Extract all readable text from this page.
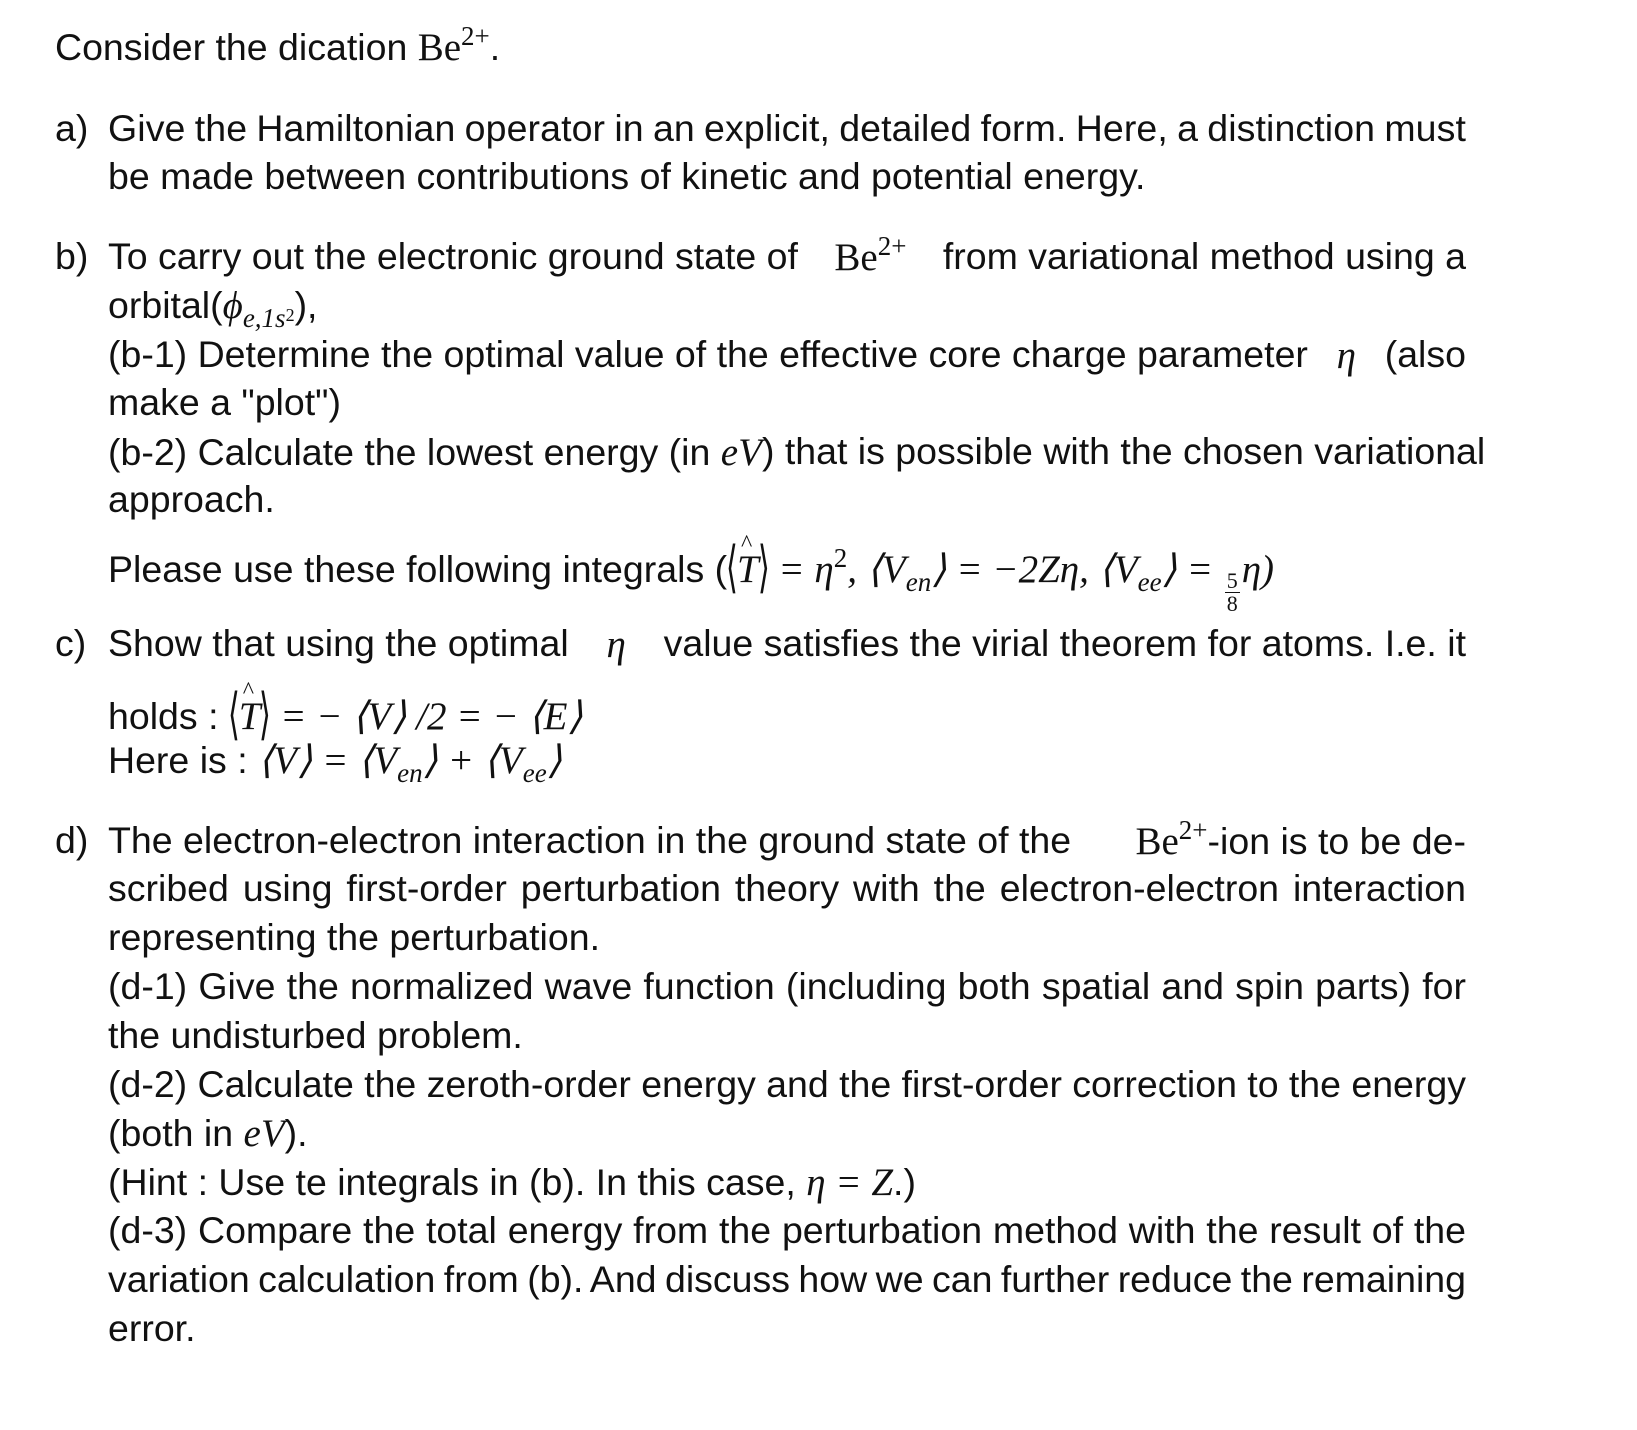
Consider the dication $Be^{2+}$.
a) Give the Hamiltonian operator in an explicit, detailed form. Here, a distinction must
be made between contributions of kinetic and potential energy.
b) To carry out the electronic ground state of $Be^{2+}$ from variational method using a
$orbital(\phi_{e,1s^2})$,
(b-1) Determine the optimal value of the effective core charge parameter η (also
make a "plot")
(b-2) Calculate the lowest energy (in eV ) that is possible with the chosen variational
approach.
Please use these following integrals (⟨^ T⟩ = $\eta^2$, $⟨V_{en}⟩ = -2Z\eta$, $⟨V_{ee}⟩$ =
$\frac{5}{8}$
η)
c) Show that using the optimal η value satisfies the virial theorem for atoms. I.e. it
holds : ⟨^ T⟩ = − ⟨V⟩ /2 = − ⟨E⟩
Here is : ⟨V⟩ = $⟨V_{en}⟩$ + $⟨V_{ee}⟩$
d) The electron-electron interaction in the ground state of the $Be^{2+}$-ion is to be de-
scribed using first-order perturbation theory with the electron-electron interaction
representing the perturbation.
(d-1) Give the normalized wave function (including both spatial and spin parts) for
the undisturbed problem.
(d-2) Calculate the zeroth-order energy and the first-order correction to the energy
(both in eV).
(Hint : Use te integrals in (b). In this case, η = Z.)
(d-3) Compare the total energy from the perturbation method with the result of the
variation calculation from (b). And discuss how we can further reduce the remaining
error.
